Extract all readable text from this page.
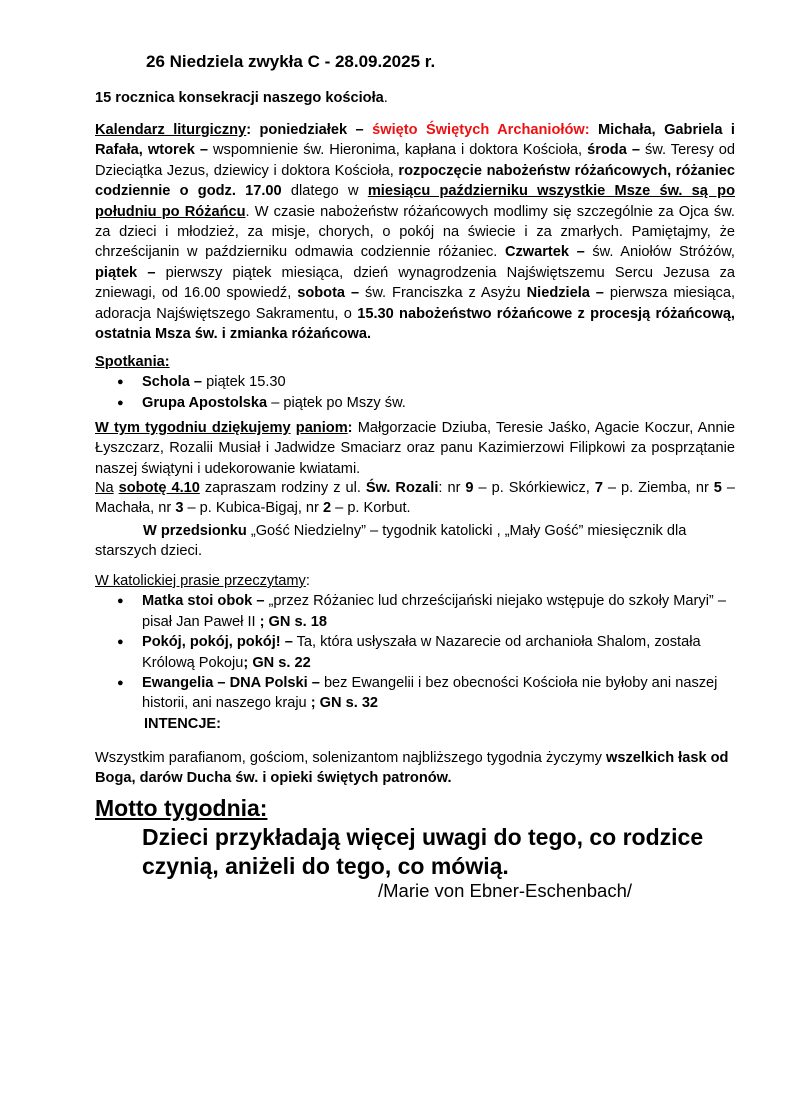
26 Niedziela zwykła C - 28.09.2025 r.
15 rocznica konsekracji naszego kościoła.
Kalendarz liturgiczny: poniedziałek – święto Świętych Archaniołów: Michała, Gabriela i Rafała, wtorek – wspomnienie św. Hieronima, kapłana i doktora Kościoła, środa – św. Teresy od Dzieciątka Jezus, dziewicy i doktora Kościoła, rozpoczęcie nabożeństw różańcowych, różaniec codziennie o godz. 17.00 dlatego w miesiącu październiku wszystkie Msze św. są po południu po Różańcu. W czasie nabożeństw różańcowych modlimy się szczególnie za Ojca św. za dzieci i młodzież, za misje, chorych, o pokój na świecie i za zmarłych. Pamiętajmy, że chrześcijanin w październiku odmawia codziennie różaniec. Czwartek – św. Aniołów Stróżów, piątek – pierwszy piątek miesiąca, dzień wynagrodzenia Najświętszemu Sercu Jezusa za zniewagi, od 16.00 spowiedź, sobota – św. Franciszka z Asyżu Niedziela – pierwsza miesiąca, adoracja Najświętszego Sakramentu, o 15.30 nabożeństwo różańcowe z procesją różańcową, ostatnia Msza św. i zmianka różańcowa.
Spotkania:
● Schola – piątek 15.30
● Grupa Apostolska – piątek po Mszy św.
W tym tygodniu dziękujemy paniom: Małgorzacie Dziuba, Teresie Jaśko, Agacie Koczur, Annie Łyszczarz, Rozalii Musiał i Jadwidze Smaciarz oraz panu Kazimierzowi Filipkowi za posprzątanie naszej świątyni i udekorowanie kwiatami.
Na sobotę 4.10 zapraszam rodziny z ul. Św. Rozali: nr 9 – p. Skórkiewicz, 7 – p. Ziemba, nr 5 – Machała, nr 3 – p. Kubica-Bigaj, nr 2 – p. Korbut.
W przedsionku „Gość Niedzielny” – tygodnik katolicki , „Mały Gość” miesięcznik dla starszych dzieci.
W katolickiej prasie przeczytamy:
● Matka stoi obok – „przez Różaniec lud chrześcijański niejako wstępuje do szkoły Maryi” – pisał Jan Paweł II ; GN s. 18
● Pokój, pokój, pokój! – Ta, która usłyszała w Nazarecie od archanioła Shalom, została Królową Pokoju; GN s. 22
● Ewangelia – DNA Polski – bez Ewangelii i bez obecności Kościoła nie byłoby ani naszej historii, ani naszego kraju ; GN s. 32
INTENCJE:
Wszystkim parafianom, gościom, solenizantom najbliższego tygodnia życzymy wszelkich łask od Boga, darów Ducha św. i opieki świętych patronów.
Motto tygodnia:
Dzieci przykładają więcej uwagi do tego, co rodzice czynią, aniżeli do tego, co mówią.
/Marie von Ebner-Eschenbach/
